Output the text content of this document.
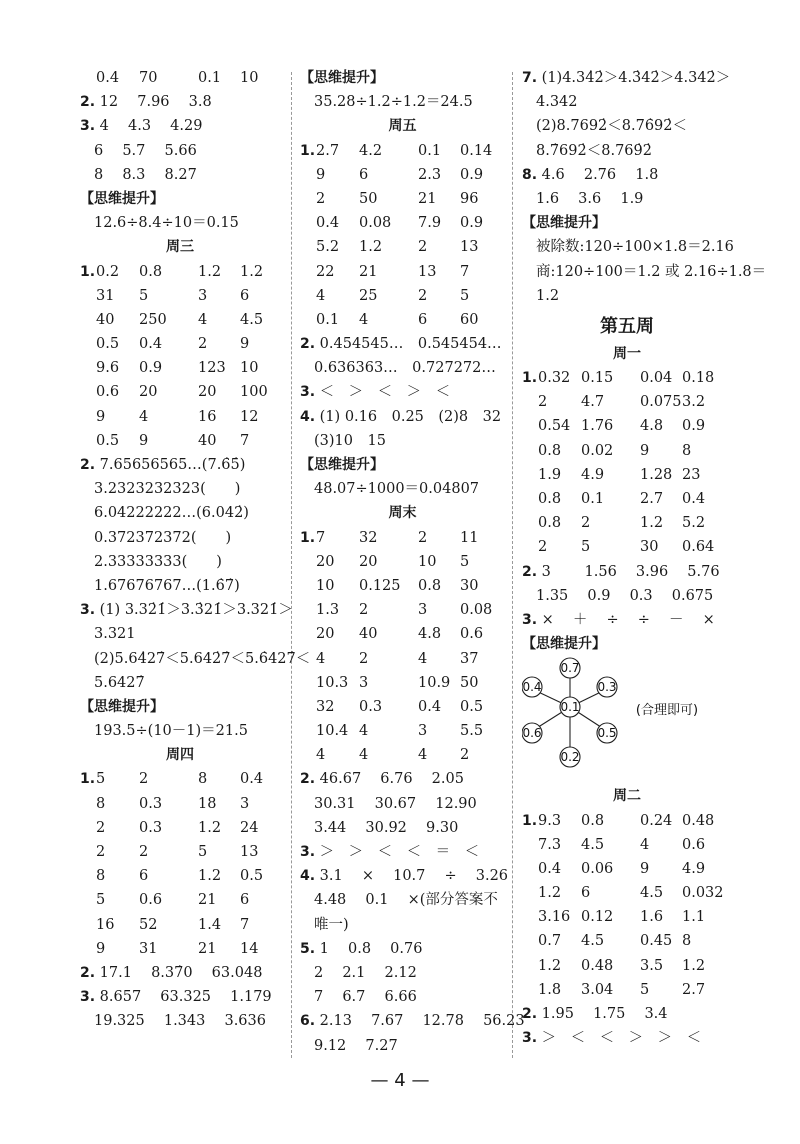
0.4 70	0.1 10
2. 12　 7.96　 3.8
3. 4　 4.3　 4.29
6　 5.7　 5.66
8　 8.3　 8.27
【思维提升】
12.6÷8.4÷10＝0.15
周三
1. 0.2 0.8 1.2 1.2
31 5	3 6
40 250 4 4.5
0.5 0.4 2 9
9.6 0.9 123 10
0.6 20	20 100
9 4	16 12
0.5 9	40 7
2. 7.65656565…(7.6̇5̇)
3.2323232323(　　)
6.04222222…(6.042̇)
0.372372372(　　)
2.33333333(　　)
1.67676767…(1.6̇7̇)
3. (1) 3.32̇1̇＞3.3̇21̇＞3.321̇＞
3.321
(2)5.64̇27̇＜5.642̇7̇＜5.6̇427̇＜
5.6427̇
【思维提升】
193.5÷(10－1)＝21.5
周四
1. 5 2	8 0.4
8 0.3 18 3
2 0.3 1.2 24
2 2	5 13
8 6	1.2 0.5
5 0.6 21 6
16 52	1.4 7
9 31	21 14
2. 17.1　 8.37̇0　 63.048
3. 8.657　 63.325　 1.179
19.325　 1.343　 3.636
【思维提升】
35.28÷1.2÷1.2＝24.5
周五
1. 2.7 4.2 0.1 0.14
9 6	2.3 0.9
2 50	21 96
0.4 0.08 7.9 0.9
5.2 1.2 2 13
22 21	13 7
4 25	2 5
0.1 4	6 60
2. 0.454545…　0.545454…
0.636363…　0.727272…
3. ＜　＞　＜　＞　＜
4. (1) 0.16　0.25　(2)8　32
(3)10　15
【思维提升】
48.07÷1000＝0.04807
周末
1. 7 32	2 11
20 20	10 5
10 0.125 0.8 30
1.3 2	3 0.08
20 40	4.8 0.6
4 2	4 37
10.3 3	10.9 50
32 0.3 0.4 0.5
10.4 4	3 5.5
4 4	4 2
2. 46.67　 6.76　 2.05
30.31　 30.67　 12.90
3.44　 30.92　 9.30
3. ＞　＞　＜　＜　＝　＜
4. 3.1　 ×　 10.7　 ÷　 3.26
4.48　 0.1　 ×(部分答案不
唯一)
5. 1　 0.8　 0.76
2　 2.1　 2.12
7　 6.7　 6.66
6. 2.13　 7.67　 12.78　 56.23
9.12　 7.27
7. (1)4.34̇2̇＞4.3̇42̇＞4.342̇＞
4.342
(2)8.7692̇＜8.76̇92̇＜
8.7̇692̇＜8.769̇2̇
8. 4.6　 2.76　 1.8
1.6　 3.6　 1.9
【思维提升】
被除数:120÷100×1.8＝2.16
商:120÷100＝1.2 或 2.16÷1.8＝
1.2
第五周
周一
1. 0.32 0.15 0.04 0.18
2 4.7 0.075 3.2
0.54 1.76 4.8 0.9
0.8 0.02 9 8
1.9 4.9 1.28 23
0.8 0.1 2.7 0.4
0.8 2	1.2 5.2
2 5	30 0.64
2. 3　　 1.56　 3.96　 5.76
1.35　 0.9　 0.3　 0.675
3. ×　 ＋　 ÷　 ÷　 －　 ×
【思维提升】
0.1
0.7
0.2
0.4	0.3
0.6	0.5
(合理即可)
周二
1. 9.3 0.8 0.24 0.48
7.3 4.5 4 0.6
0.4 0.06 9 4.9
1.2 6	4.5 0.032
3.16 0.12 1.6 1.1
0.7 4.5 0.45 8
1.2 0.48 3.5 1.2
1.8 3.04 5 2.7
2. 1.95　 1.75　 3.4
3. ＞　＜　＜　＞　＞　＜
— 4 —
